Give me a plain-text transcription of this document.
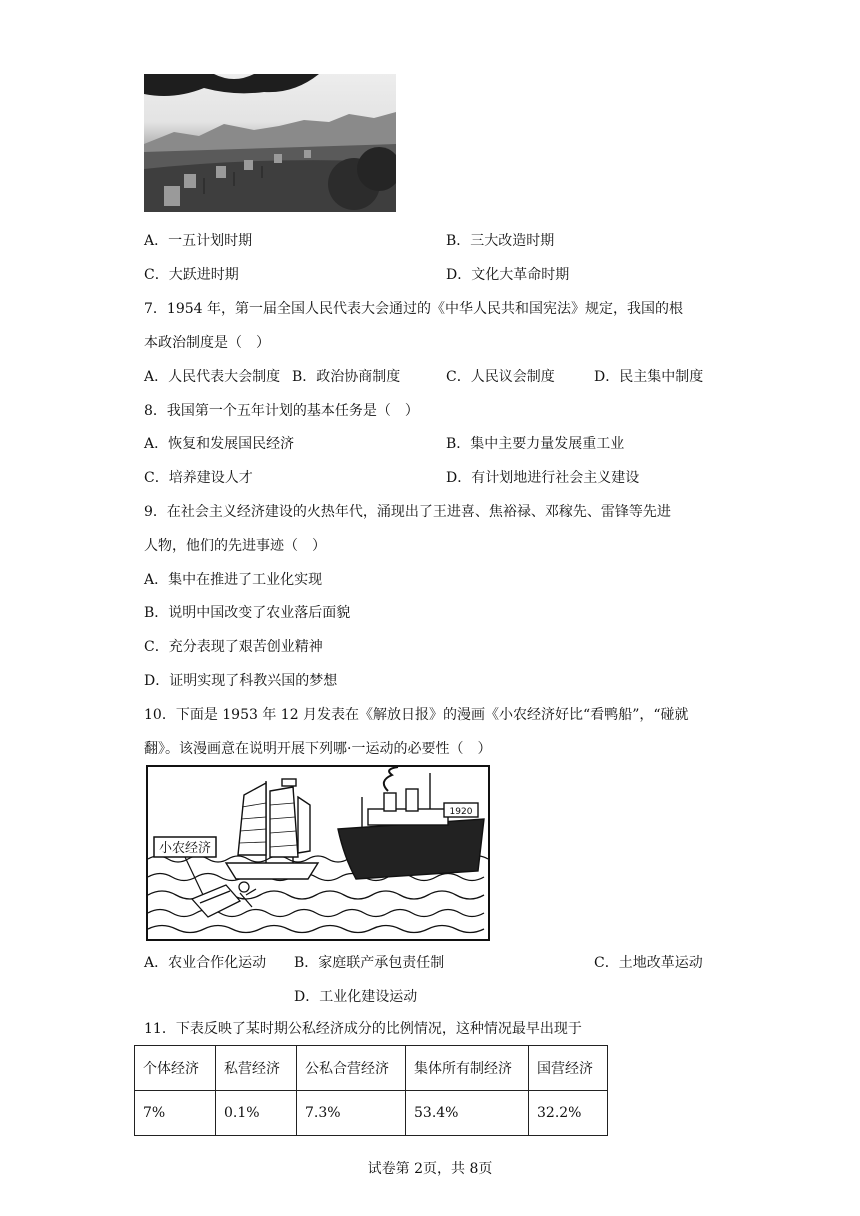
A．一五计划时期	B．三大改造时期
C．大跃进时期	D．文化大革命时期
7．1954 年，第一届全国人民代表大会通过的《中华人民共和国宪法》规定，我国的根
本政治制度是（　）
A．人民代表大会制度 B．政治协商制度	C．人民议会制度	D．民主集中制度
8．我国第一个五年计划的基本任务是（　）
A．恢复和发展国民经济	B．集中主要力量发展重工业
C．培养建设人才	D．有计划地进行社会主义建设
9．在社会主义经济建设的火热年代，涌现出了王进喜、焦裕禄、邓稼先、雷锋等先进
人物，他们的先进事迹（　）
A．集中在推进了工业化实现
B．说明中国改变了农业落后面貌
C．充分表现了艰苦创业精神
D．证明实现了科教兴国的梦想
10．下面是 1953 年 12 月发表在《解放日报》的漫画《小农经济好比“看鸭船”，“碰就
翻》。该漫画意在说明开展下列哪·一运动的必要性（　）
1920
小农经济
A．农业合作化运动 B．家庭联产承包责任制	C．土地改革运动
D．工业化建设运动
11．下表反映了某时期公私经济成分的比例情况，这种情况最早出现于
个体经济	私营经济	公私合营经济	集体所有制经济	国营经济
7%	0.1%	7.3%	53.4%	32.2%
试卷第 2页，共 8页
